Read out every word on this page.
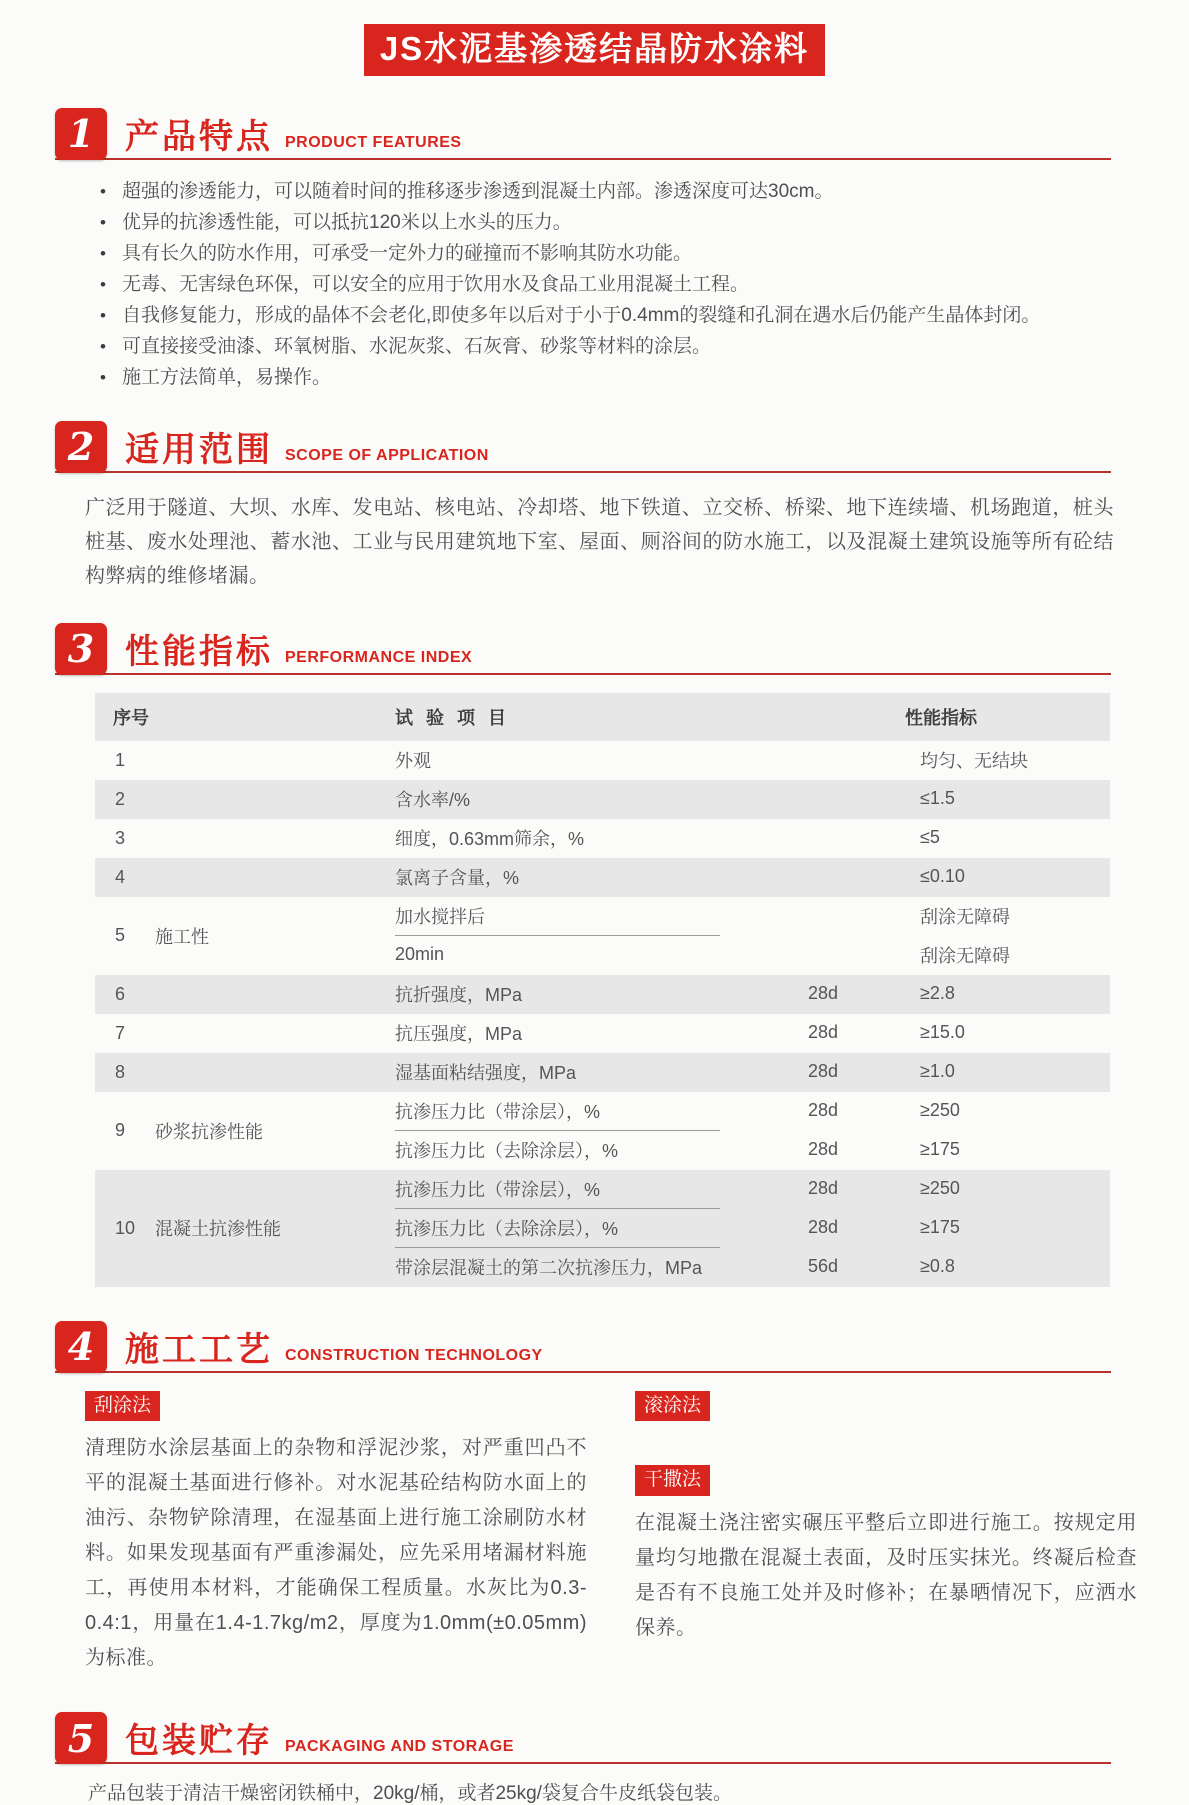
JS水泥基渗透结晶防水涂料
1 产品特点 PRODUCT FEATURES
• 超强的渗透能力，可以随着时间的推移逐步渗透到混凝土内部。渗透深度可达30cm。
• 优异的抗渗透性能，可以抵抗120米以上水头的压力。
• 具有长久的防水作用，可承受一定外力的碰撞而不影响其防水功能。
• 无毒、无害绿色环保，可以安全的应用于饮用水及食品工业用混凝土工程。
• 自我修复能力，形成的晶体不会老化,即使多年以后对于小于0.4mm的裂缝和孔洞在遇水后仍能产生晶体封闭。
• 可直接接受油漆、环氧树脂、水泥灰浆、石灰膏、砂浆等材料的涂层。
• 施工方法简单，易操作。
2 适用范围 SCOPE OF APPLICATION
广泛用于隧道、大坝、水库、发电站、核电站、冷却塔、地下铁道、立交桥、桥梁、地下连续墙、机场跑道，桩头桩基、废水处理池、蓄水池、工业与民用建筑地下室、屋面、厕浴间的防水施工，以及混凝土建筑设施等所有砼结构弊病的维修堵漏。
3 性能指标 PERFORMANCE INDEX
序号	试 验 项 目	性能指标
1	外观	均匀、无结块
2	含水率/%	≤1.5
3	细度，0.63mm筛余，%	≤5
4	氯离子含量，%	≤0.10
5	施工性
加水搅拌后	刮涂无障碍
20min	刮涂无障碍
6	抗折强度，MPa	28d	≥2.8
7	抗压强度，MPa	28d	≥15.0
8	湿基面粘结强度，MPa	28d	≥1.0
9	砂浆抗渗性能
抗渗压力比（带涂层），%	28d	≥250
抗渗压力比（去除涂层），%	28d	≥175
10	混凝土抗渗性能
抗渗压力比（带涂层），%	28d	≥250
抗渗压力比（去除涂层），%	28d	≥175
带涂层混凝土的第二次抗渗压力，MPa	56d	≥0.8
4 施工工艺 CONSTRUCTION TECHNOLOGY
刮涂法
清理防水涂层基面上的杂物和浮泥沙浆，对严重凹凸不平的混凝土基面进行修补。对水泥基砼结构防水面上的油污、杂物铲除清理，在湿基面上进行施工涂刷防水材料。如果发现基面有严重渗漏处，应先采用堵漏材料施工，再使用本材料，才能确保工程质量。水灰比为0.3-0.4:1，用量在1.4-1.7kg/m2，厚度为1.0mm(±0.05mm)为标准。
滚涂法
干撒法
在混凝土浇注密实碾压平整后立即进行施工。按规定用量均匀地撒在混凝土表面，及时压实抹光。终凝后检查是否有不良施工处并及时修补；在暴晒情况下，应洒水保养。
5 包装贮存 PACKAGING AND STORAGE
产品包装于清洁干燥密闭铁桶中，20kg/桶，或者25kg/袋复合牛皮纸袋包装。
